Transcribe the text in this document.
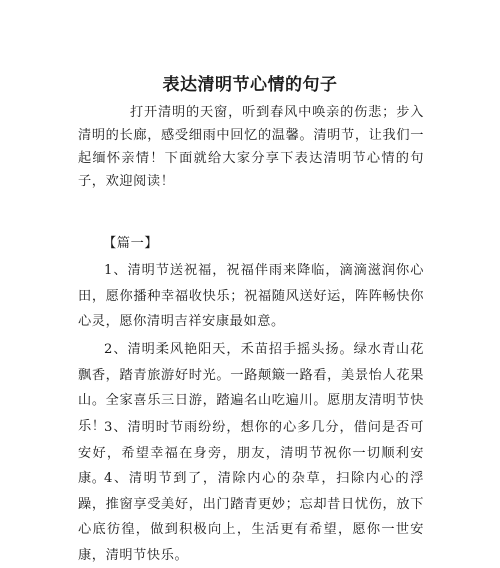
表达清明节心情的句子

打开清明的天窗，听到春风中唤亲的伤悲；步入清明的长廊，感受细雨中回忆的温馨。清明节，让我们一起缅怀亲情！下面就给大家分享下表达清明节心情的句子，欢迎阅读！

【篇一】

1、清明节送祝福，祝福伴雨来降临，滴滴滋润你心田，愿你播种幸福收快乐；祝福随风送好运，阵阵畅快你心灵，愿你清明吉祥安康最如意。

2、清明柔风艳阳天，禾苗招手摇头扬。绿水青山花飘香，踏青旅游好时光。一路颠簸一路看，美景怡人花果山。全家喜乐三日游，踏遍名山吃遍川。愿朋友清明节快乐！

3、清明时节雨纷纷，想你的心多几分，借问是否可安好，希望幸福在身旁，朋友，清明节祝你一切顺利安康。

4、清明节到了，清除内心的杂草，扫除内心的浮躁，推窗享受美好，出门踏青更妙；忘却昔日忧伤，放下心底彷徨，做到积极向上，生活更有希望，愿你一世安康，清明节快乐。
